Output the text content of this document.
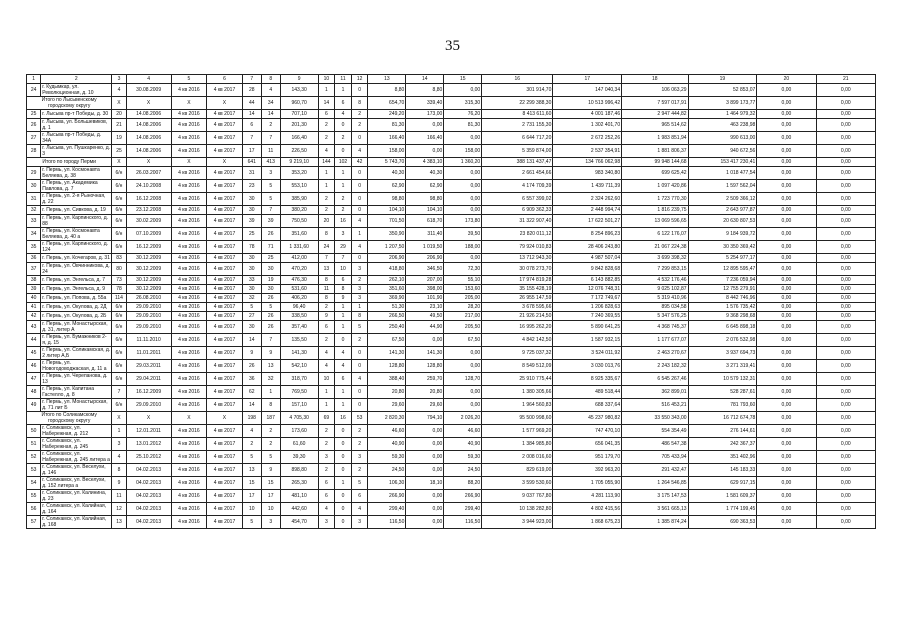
35
1	2	3	4	5	6	7	8	9	10	11	12	13	14	15	16	17	18	19	20	21
24	г. Кудымкар, ул. Революционная, д. 10	4	30.08.2009	4 кв 2016	4 кв 2017	28	4	143,30	1	1	0	8,80	8,80	0,00	301 914,70	147 040,34	106 063,29	52 853,07	0,00	0,00
Итого по Лысьвенскому городскому округу		X	X	X	X	44	34	960,70	14	6	8	654,70	339,40	315,30	22 299 388,30	10 513 996,42	7 597 017,91	3 899 173,77	0,00	0,00
25	г. Лысьва пр-т Победы, д. 30	20	14.08.2006	4 кв 2016	4 кв 2017	14	14	707,10	6	4	2	249,20	173,00	76,20	8 413 611,60	4 001 187,46	2 947 444,82	1 464 979,32	0,00	0,00
26	г. Лысьва, ул. Большевиков, д. 1	21	14.08.2006	4 кв 2016	4 кв 2017	6	2	201,30	2	0	2	81,30	0,00	81,30	2 731 155,30	1 302 401,70	965 514,62	463 238,98	0,00	0,00
27	г. Лысьва пр-т Победы, д. 34А	19	14.08.2006	4 кв 2016	4 кв 2017	7	7	166,40	2	2	0	166,40	166,40	0,00	6 644 717,20	2 672 252,26	1 983 851,94	990 613,00	0,00	0,00
28	г. Лысьва, ул. Пушкаренко, д. 3	25	14.08.2006	4 кв 2016	4 кв 2017	17	11	226,50	4	0	4	158,00	0,00	158,00	5 359 874,00	2 537 354,91	1 881 806,37	940 672,56	0,00	0,00
Итого по городу Перми		X	X	X	X	641	413	9 219,10	144	102	42	5 743,70	4 383,10	1 360,20	388 131 437,47	134 766 062,98	99 948 144,68	153 417 230,41	0,00	0,00
29	г. Пермь, ул. Космонавта Беляева, д. 38	6/н	26.03.2007	4 кв 2016	4 кв 2017	31	3	353,20	1	1	0	40,30	40,30	0,00	2 661 454,66	983 340,80	699 625,42	1 018 477,54	0,00	0,00
30	г. Пермь, ул. Академика Павлова, д. 7	6/н	24.10.2008	4 кв 2016	4 кв 2017	23	5	553,10	1	1	0	62,90	62,90	0,00	4 174 709,39	1 439 711,39	1 097 420,86	1 597 562,04	0,00	0,00
31	г. Пермь, ул. 2-я Рыночная, д. 22	6/н	16.12.2008	4 кв 2016	4 кв 2017	30	5	385,90	2	2	0	98,80	98,80	0,00	6 557 399,02	2 324 262,60	1 723 770,30	2 509 366,12	0,00	0,00
32	г. Пермь, ул. Сивкова, д. 19	6/н	23.12.2008	4 кв 2016	4 кв 2017	30	7	380,20	2	2	0	104,10	104,10	0,00	6 909 362,33	2 448 994,74	1 816 239,75	2 643 977,87	0,00	0,00
33	г. Пермь, ул. Карпинского, д. 88	6/н	30.02.2009	4 кв 2016	4 кв 2017	39	39	750,50	20	16	4	701,50	618,70	173,80	31 322 907,40	17 622 501,27	13 069 596,65	20 630 807,53	0,00	0,00
34	г. Пермь, ул. Космонавта Беляева, д. 40 а	6/н	07.10.2009	4 кв 2016	4 кв 2017	25	26	351,60	8	3	1	350,90	311,40	39,50	23 820 011,12	8 254 896,23	6 122 176,07	9 184 939,72	0,00	0,00
35	г. Пермь, ул. Карпинского, д. 124	6/н	16.12.2009	4 кв 2016	4 кв 2017	78	71	1 331,60	24	29	4	1 207,50	1 019,50	188,00	79 924 010,83	28 406 243,80	21 067 224,38	30 350 369,42	0,00	0,00
36	г. Пермь, ул. Кочегаров, д. 31	83	30.12.2009	4 кв 2016	4 кв 2017	30	25	412,00	7	7	0	206,90	206,90	0,00	13 712 943,30	4 987 507,04	3 699 398,32	5 254 977,17	0,00	0,00
37	г. Пермь, ул. Овчинникова, д. 24	80	30.12.2009	4 кв 2016	4 кв 2017	30	30	470,20	13	10	3	418,80	346,50	72,30	30 078 273,70	9 842 828,68	7 299 853,15	12 895 595,47	0,00	0,00
38	г. Пермь, ул. Энгельса, д. 7	73	30.12.2009	4 кв 2016	4 кв 2017	33	19	476,30	8	6	2	262,10	207,00	55,10	17 974 819,28	6 143 882,85	4 532 176,46	7 236 059,94	0,00	0,00
39	г. Пермь, ул. Энгельса, д. 9	78	30.12.2009	4 кв 2016	4 кв 2017	30	30	531,60	11	8	3	351,60	398,00	153,60	35 155 428,19	12 076 748,31	9 025 102,87	12 755 279,91	0,00	0,00
40	г. Пермь, ул. Попова, д. 55а	114	26.08.2010	4 кв 2016	4 кв 2017	32	26	406,20	8	9	3	369,90	101,90	205,00	26 955 147,59	7 172 749,67	5 319 410,96	8 442 746,96	0,00	0,00
41	г. Пермь, ул. Окулова, д. 2Д	6/н	29.09.2010	4 кв 2016	4 кв 2017	5	5	96,40	2	1	1	51,30	23,10	28,20	3 678 595,66	1 206 828,63	895 034,58	1 576 735,42	0,00	0,00
42	г. Пермь, ул. Окулова, д. 2Б	6/н	29.09.2010	4 кв 2016	4 кв 2017	27	26	338,50	9	1	8	266,50	49,50	217,00	21 926 214,50	7 240 369,55	5 347 576,25	9 368 298,68	0,00	0,00
43	г. Пермь, ул. Монастырская, д. 31, литер А	6/н	29.09.2010	4 кв 2016	4 кв 2017	30	26	357,40	6	1	5	250,40	44,90	205,50	16 995 262,20	5 890 641,25	4 368 745,37	6 645 898,18	0,00	0,00
44	г. Пермь, ул. Бумажников 2-я, д. 15	6/н	11.11.2010	4 кв 2016	4 кв 2017	14	7	135,50	2	0	2	67,50	0,00	67,50	4 842 142,50	1 587 932,15	1 177 677,07	2 076 532,98	0,00	0,00
45	г. Пермь, ул. Соликамская, д. 2 литер А,Б	6/н	11.01.2011	4 кв 2016	4 кв 2017	9	9	141,30	4	4	0	141,30	141,30	0,00	9 725 037,32	3 524 011,92	2 463 270,67	3 937 694,73	0,00	0,00
46	г. Пермь, ул. Новогодоводжаская, д. 11 а	6/н	29.03.2011	4 кв 2016	4 кв 2017	26	13	542,10	4	4	0	128,80	128,80	0,00	8 549 512,09	3 030 013,76	2 243 182,32	3 271 319,41	0,00	0,00
47	г. Пермь, ул. Черепанова, д. 13	6/н	29.04.2011	4 кв 2016	4 кв 2017	36	32	318,70	10	6	4	388,40	259,70	128,70	25 910 775,44	8 925 335,67	6 545 267,46	10 579 132,31	0,00	0,00
48	г. Пермь, ул. Капитана Гастелло, д. 8	7	16.12.2009	4 кв 2016	4 кв 2017	62	1	769,50	1	1	0	20,80	20,80	0,00	1 380 305,66	489 518,44	362 899,01	528 287,61	0,00	0,00
49	г. Пермь, ул. Монастырская, д. 71 лит Б	6/н	29.09.2010	4 кв 2016	4 кв 2017	14	8	157,10	1	1	0	29,60	29,60	0,00	1 964 560,83	688 337,64	516 453,21	781 793,60	0,00	0,00
Итого по Соликамскому городскому округу		X	X	X	X	198	187	4 705,30	69	16	53	2 820,30	794,10	2 026,20	95 500 998,60	45 237 980,82	33 550 343,00	16 712 674,78	0,00	0,00
50	г. Соликамск, ул. Набережная, д. 212	1	12.01.2011	4 кв 2016	4 кв 2017	4	2	173,60	2	0	2	46,60	0,00	46,60	1 577 969,20	747 470,10	554 354,49	276 144,61	0,00	0,00
51	г. Соликамск, ул. Набережная, д. 245	3	13.01.2012	4 кв 2016	4 кв 2017	2	2	61,60	2	0	2	40,90	0,00	40,90	1 384 985,80	656 041,35	486 547,38	242 367,37	0,00	0,00
52	г. Соликамск, ул. Набережная, д. 245 литера а	4	25.10.2012	4 кв 2016	4 кв 2017	5	5	39,30	3	0	3	59,30	0,00	59,30	2 008 016,60	951 179,70	705 433,94	351 402,96	0,00	0,00
53	г. Соликамск, ул. Веселухи, д. 146	8	04.02.2013	4 кв 2016	4 кв 2017	13	9	898,80	2	0	2	24,50	0,00	24,50	829 619,00	392 963,20	291 432,47	145 183,33	0,00	0,00
54	г. Соликамск, ул. Веселухи, д. 152 литера а	9	04.02.2013	4 кв 2016	4 кв 2017	15	15	265,30	6	1	5	106,30	18,10	88,20	3 599 530,60	1 705 055,90	1 264 546,85	629 917,15	0,00	0,00
55	г. Соликамск, ул. Калинина, д. 23	11	04.02.2013	4 кв 2016	4 кв 2017	17	17	481,10	6	0	6	266,90	0,00	266,90	9 037 767,80	4 281 113,90	3 175 147,53	1 581 609,37	0,00	0,00
56	г. Соликамск, ул. Калийная, д. 164	12	04.02.2013	4 кв 2016	4 кв 2017	10	10	442,60	4	0	4	299,40	0,00	299,40	10 138 282,80	4 802 415,56	3 561 665,13	1 774 199,45	0,00	0,00
57	г. Соликамск, ул. Калийная, д. 168	13	04.02.2013	4 кв 2016	4 кв 2017	5	3	454,70	3	0	3	116,50	0,00	116,50	3 944 923,00	1 868 675,23	1 385 874,24	690 363,53	0,00	0,00
